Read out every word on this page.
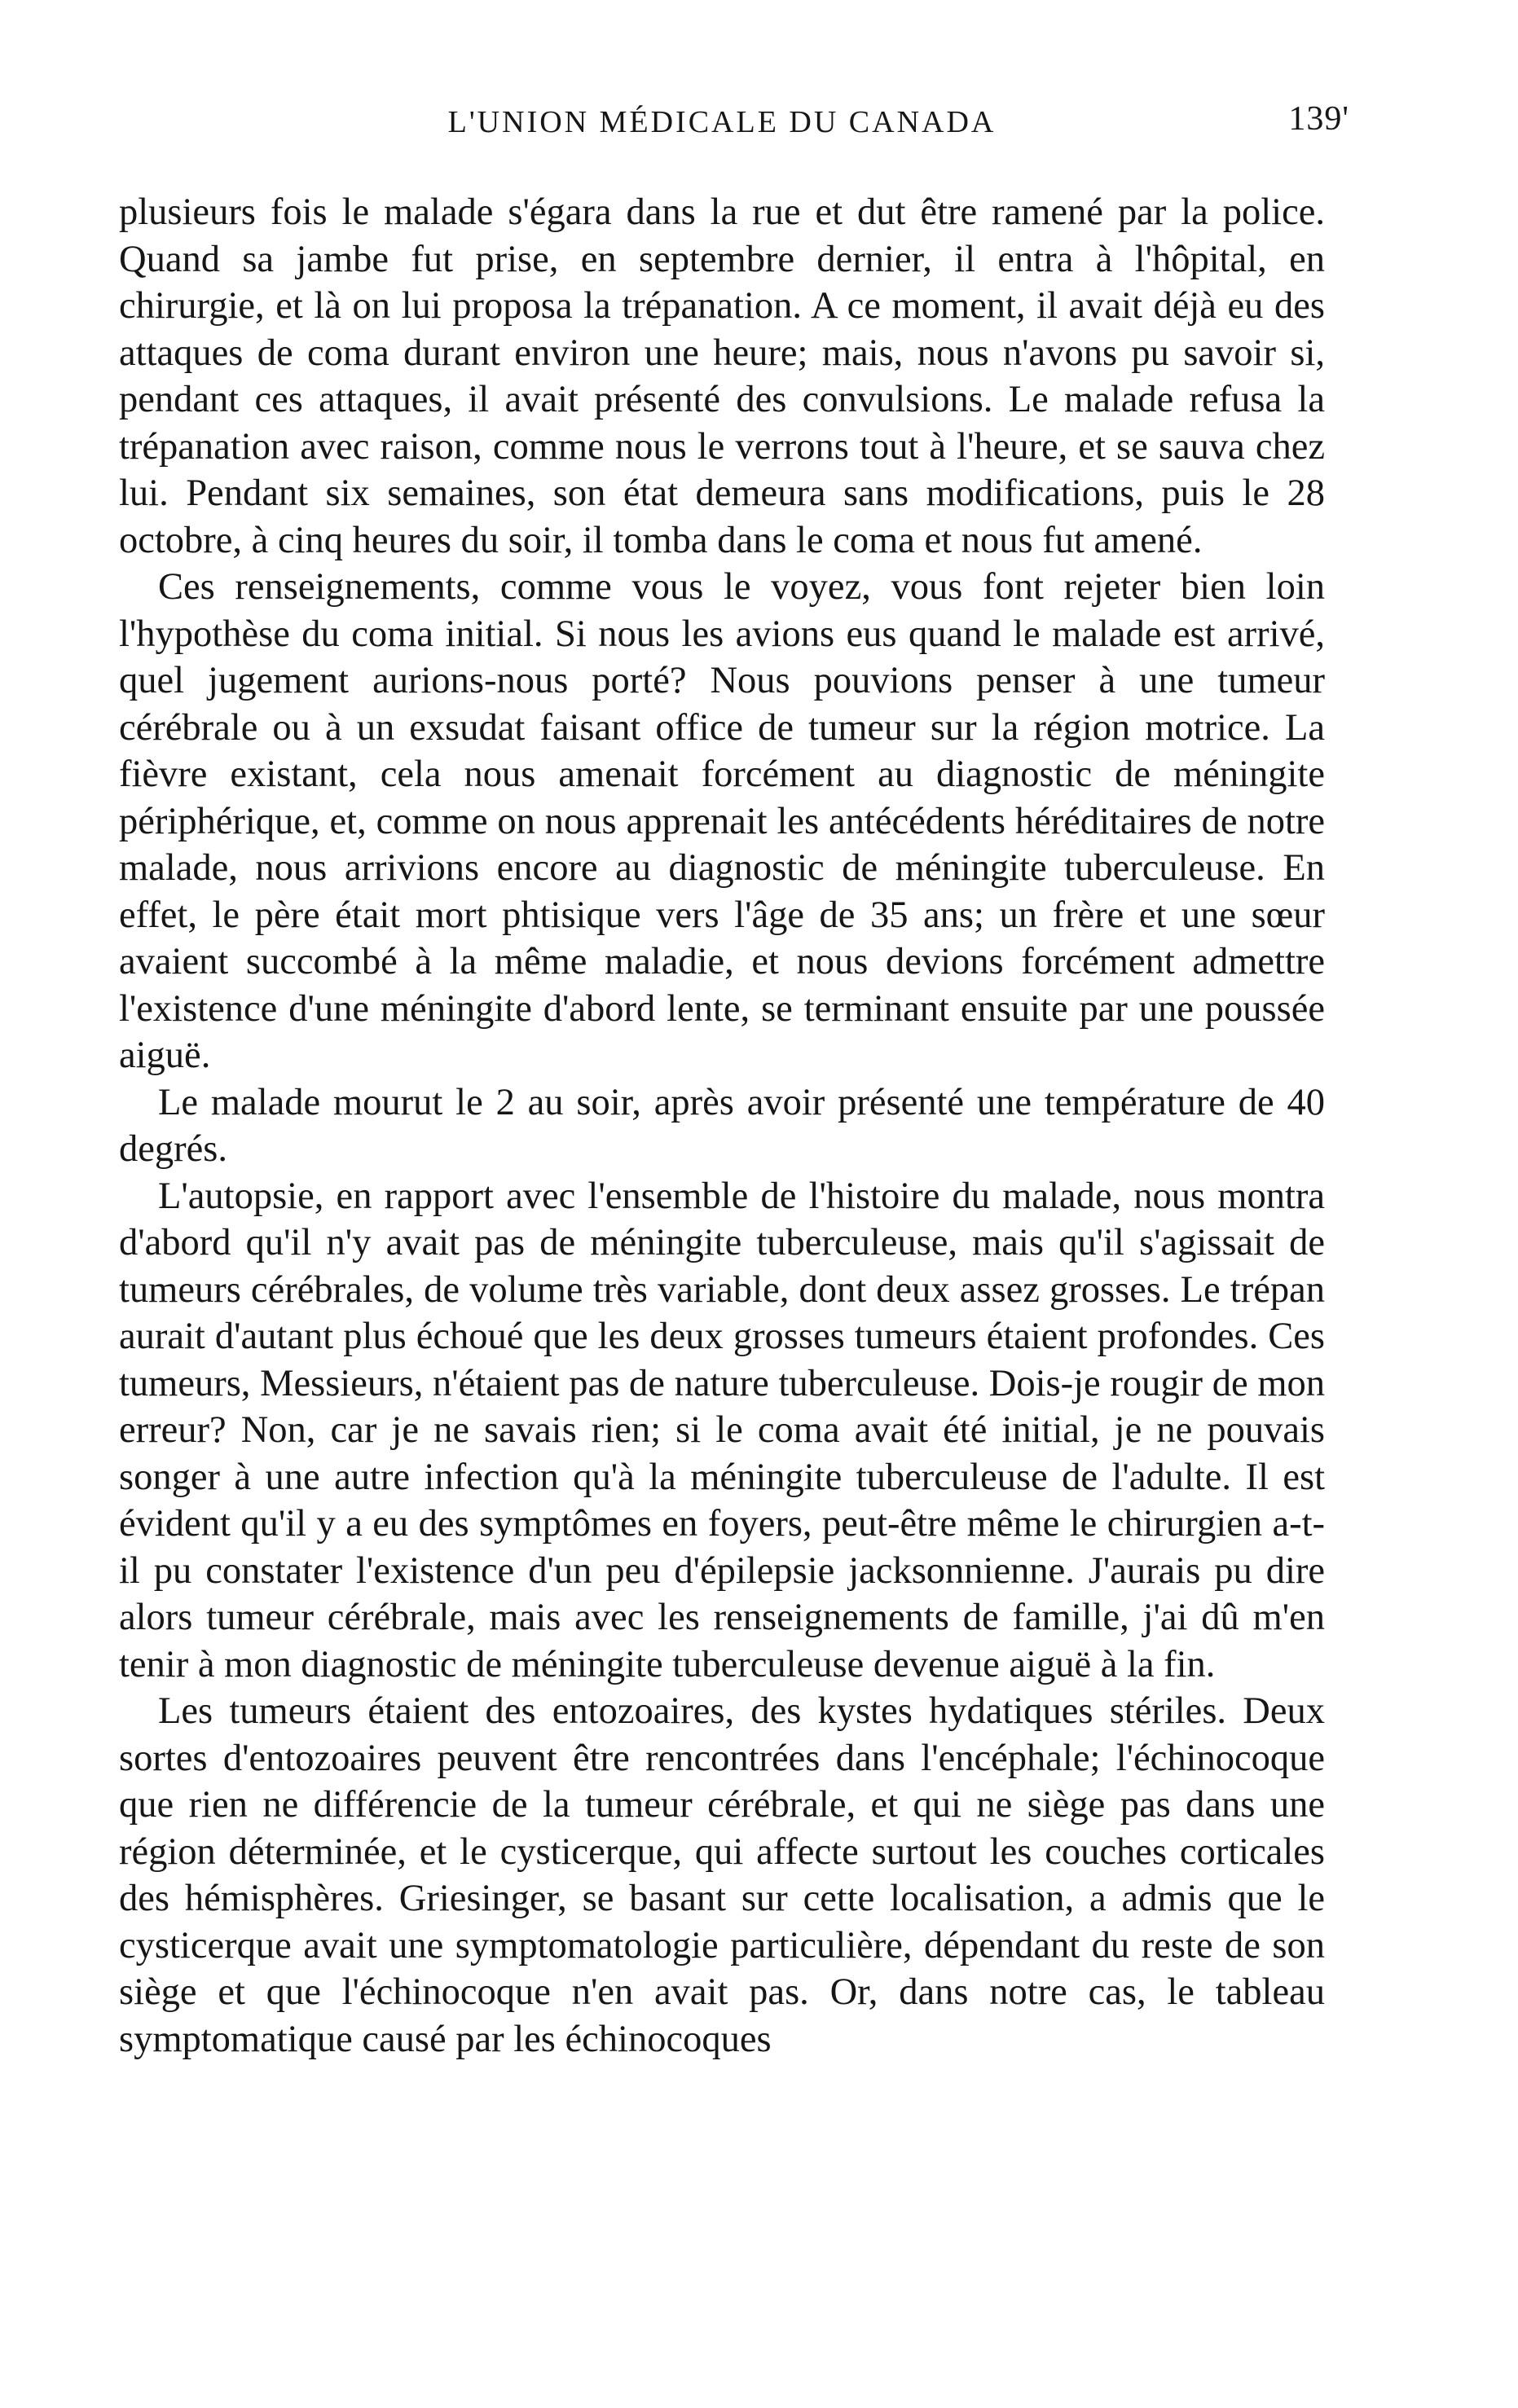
L'UNION MÉDICALE DU CANADA	139'

plusieurs fois le malade s'égara dans la rue et dut être ramené par la police. Quand sa jambe fut prise, en septembre dernier, il entra à l'hôpital, en chirurgie, et là on lui proposa la trépanation. A ce moment, il avait déjà eu des attaques de coma durant environ une heure; mais, nous n'avons pu savoir si, pendant ces attaques, il avait présenté des convulsions. Le malade refusa la trépanation avec raison, comme nous le verrons tout à l'heure, et se sauva chez lui. Pendant six semaines, son état demeura sans modifications, puis le 28 octobre, à cinq heures du soir, il tomba dans le coma et nous fut amené.

Ces renseignements, comme vous le voyez, vous font rejeter bien loin l'hypothèse du coma initial. Si nous les avions eus quand le malade est arrivé, quel jugement aurions-nous porté? Nous pouvions penser à une tumeur cérébrale ou à un exsudat faisant office de tumeur sur la région motrice. La fièvre existant, cela nous amenait forcément au diagnostic de méningite périphérique, et, comme on nous apprenait les antécédents héréditaires de notre malade, nous arrivions encore au diagnostic de méningite tuberculeuse. En effet, le père était mort phtisique vers l'âge de 35 ans; un frère et une sœur avaient succombé à la même maladie, et nous devions forcément admettre l'existence d'une méningite d'abord lente, se terminant ensuite par une poussée aiguë.

Le malade mourut le 2 au soir, après avoir présenté une température de 40 degrés.

L'autopsie, en rapport avec l'ensemble de l'histoire du malade, nous montra d'abord qu'il n'y avait pas de méningite tuberculeuse, mais qu'il s'agissait de tumeurs cérébrales, de volume très variable, dont deux assez grosses. Le trépan aurait d'autant plus échoué que les deux grosses tumeurs étaient profondes. Ces tumeurs, Messieurs, n'étaient pas de nature tuberculeuse. Dois-je rougir de mon erreur? Non, car je ne savais rien; si le coma avait été initial, je ne pouvais songer à une autre infection qu'à la méningite tuberculeuse de l'adulte. Il est évident qu'il y a eu des symptômes en foyers, peut-être même le chirurgien a-t-il pu constater l'existence d'un peu d'épilepsie jacksonnienne. J'aurais pu dire alors tumeur cérébrale, mais avec les renseignements de famille, j'ai dû m'en tenir à mon diagnostic de méningite tuberculeuse devenue aiguë à la fin.

Les tumeurs étaient des entozoaires, des kystes hydatiques stériles. Deux sortes d'entozoaires peuvent être rencontrées dans l'encéphale; l'échinocoque que rien ne différencie de la tumeur cérébrale, et qui ne siège pas dans une région déterminée, et le cysticerque, qui affecte surtout les couches corticales des hémisphères. Griesinger, se basant sur cette localisation, a admis que le cysticerque avait une symptomatologie particulière, dépendant du reste de son siège et que l'échinocoque n'en avait pas. Or, dans notre cas, le tableau symptomatique causé par les échinocoques
